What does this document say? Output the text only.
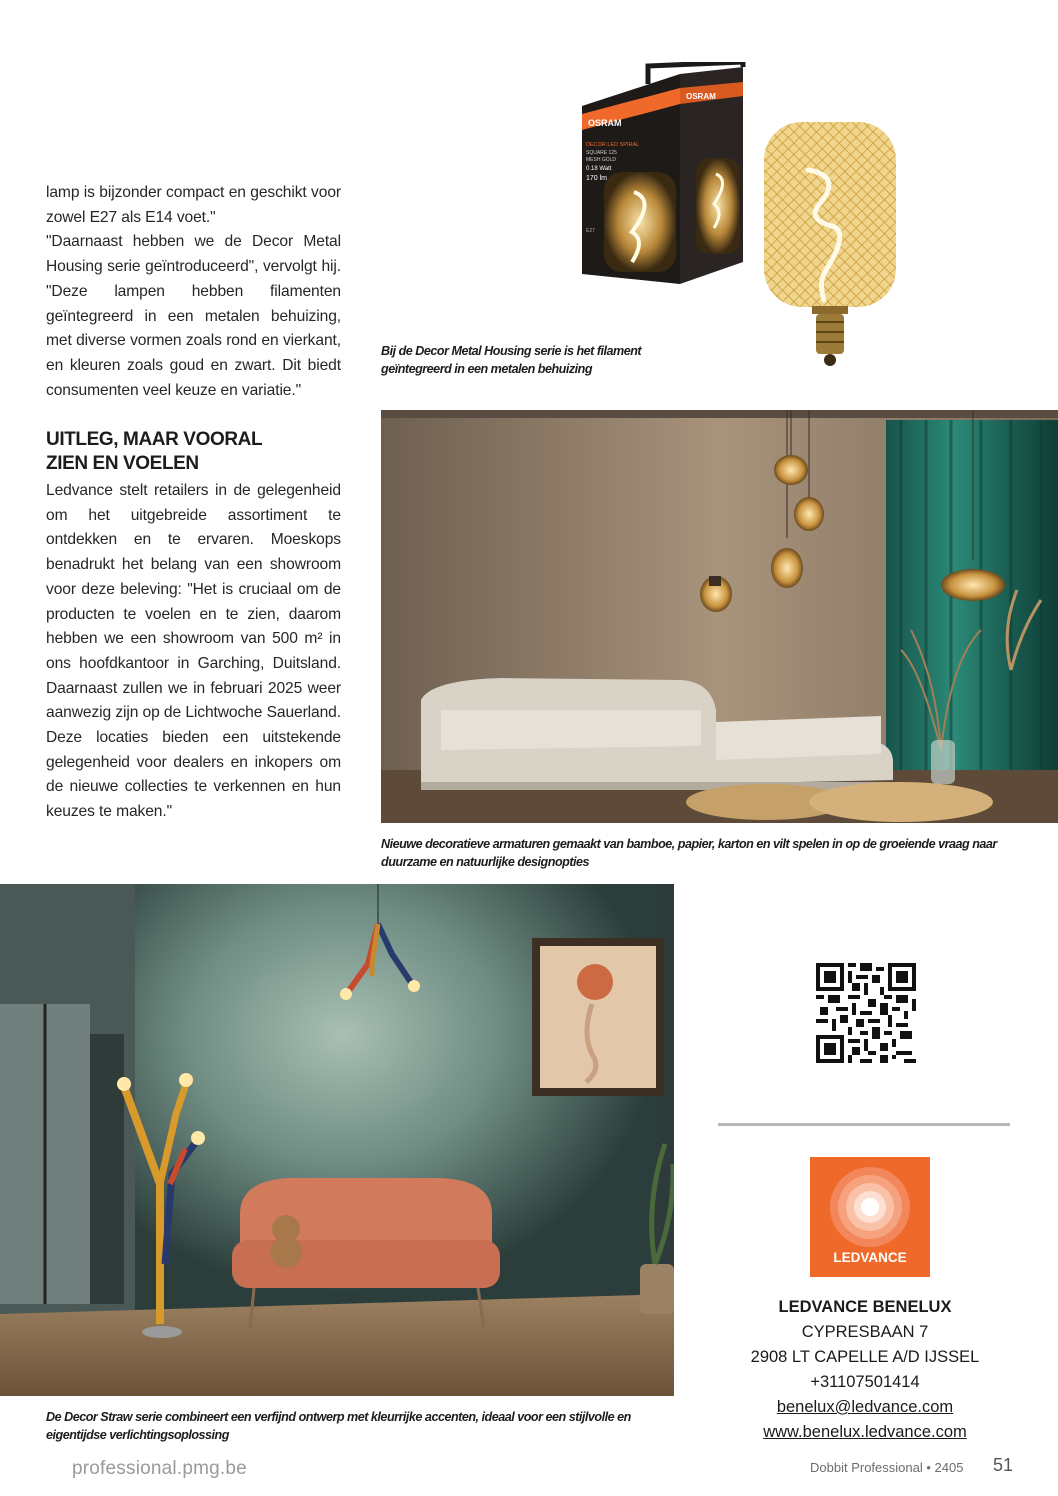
lamp is bijzonder compact en geschikt voor zowel E27 als E14 voet."

"Daarnaast hebben we de Decor Metal Housing serie geïntroduceerd", vervolgt hij. "Deze lampen hebben filamenten geïntegreerd in een metalen behuizing, met diverse vormen zoals rond en vierkant, en kleuren zoals goud en zwart. Dit biedt consumenten veel keuze en variatie."

UITLEG, MAAR VOORAL
ZIEN EN VOELEN

Ledvance stelt retailers in de gelegenheid om het uitgebreide assortiment te ontdekken en te ervaren. Moeskops benadrukt het belang van een showroom voor deze beleving: "Het is cruciaal om de producten te voelen en te zien, daarom hebben we een showroom van 500 m² in ons hoofdkantoor in Garching, Duitsland. Daarnaast zullen we in februari 2025 weer aanwezig zijn op de Lichtwoche Sauerland. Deze locaties bieden een uitstekende gelegenheid voor dealers en inkopers om de nieuwe collecties te verkennen en hun keuzes te maken."

OSRAM
OSRAM
DECOR LED SPIRAL
SQUARE 125
MESH GOLD
0.18 Watt
170 lm
E27
Bij de Decor Metal Housing serie is het filament geïntegreerd in een metalen behuizing
Nieuwe decoratieve armaturen gemaakt van bamboe, papier, karton en vilt spelen in op de groeiende vraag naar duurzame en natuurlijke designopties
De Decor Straw serie combineert een verfijnd ontwerp met kleurrijke accenten, ideaal voor een stijlvolle en eigentijdse verlichtingsoplossing
LEDVANCE
LEDVANCE BENELUX
CYPRESBAAN 7
2908 LT CAPELLE A/D IJSSEL
+31107501414
benelux@ledvance.com
www.benelux.ledvance.com
professional.pmg.be	Dobbit Professional • 2405 51
